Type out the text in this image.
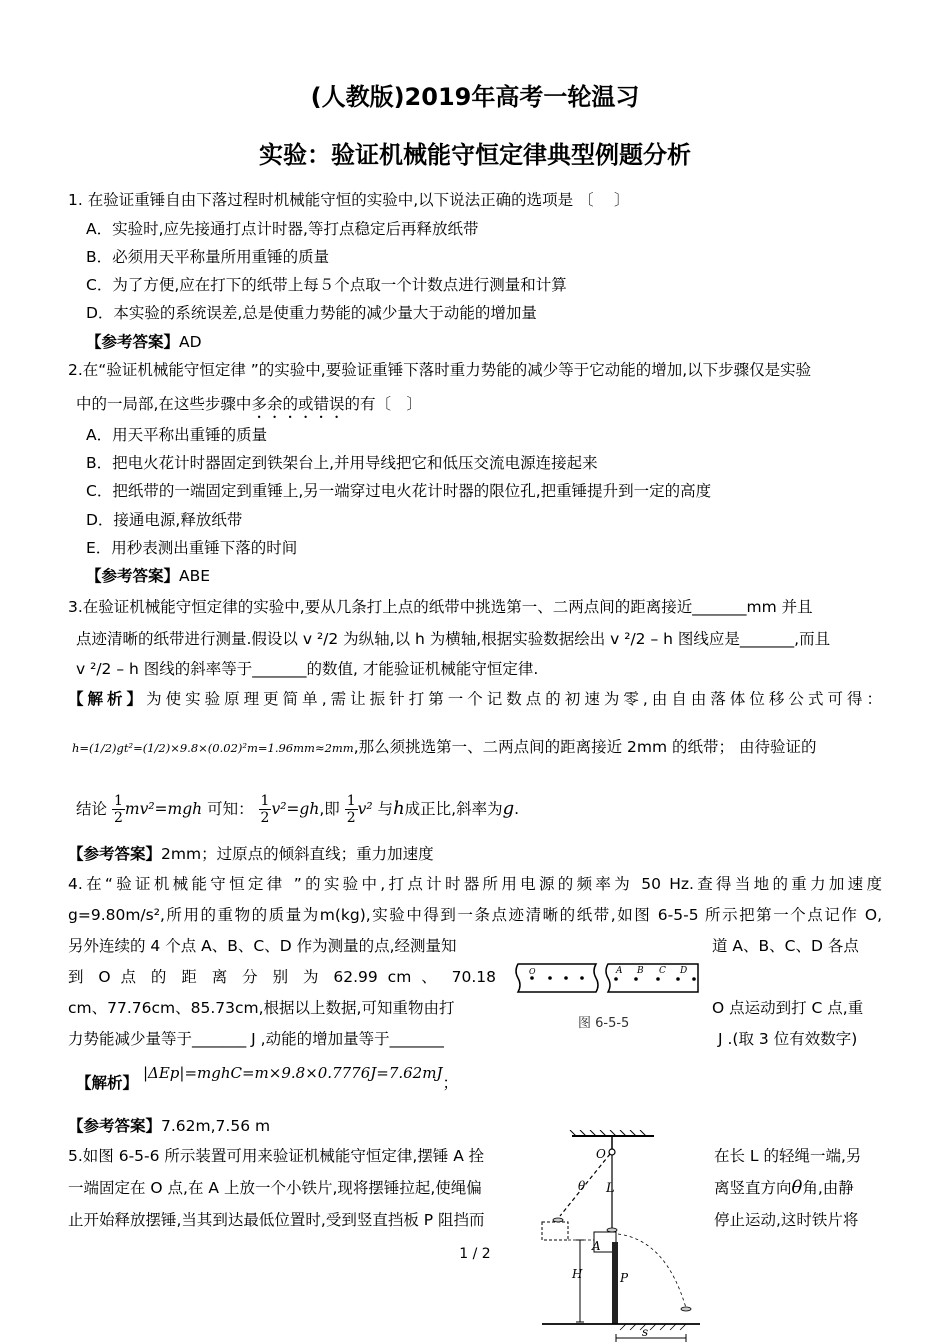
(人教版)2019年高考一轮温习
实验：验证机械能守恒定律典型例题分析
1. 在验证重锤自由下落过程时机械能守恒的实验中,以下说法正确的选项是 〔　 〕
A．实验时,应先接通打点计时器,等打点稳定后再释放纸带
B．必须用天平称量所用重锤的质量
C．为了方便,应在打下的纸带上每５个点取一个计数点进行测量和计算
D．本实验的系统误差,总是使重力势能的减少量大于动能的增加量
【参考答案】AD
2.在“验证机械能守恒定律 ”的实验中,要验证重锤下落时重力势能的减少等于它动能的增加,以下步骤仅是实验
中的一局部,在这些步骤中多余的或错误的有〔　〕
A．用天平称出重锤的质量
B．把电火花计时器固定到铁架台上,并用导线把它和低压交流电源连接起来
C．把纸带的一端固定到重锤上,另一端穿过电火花计时器的限位孔,把重锤提升到一定的高度
D．接通电源,释放纸带
E．用秒表测出重锤下落的时间
【参考答案】ABE
3.在验证机械能守恒定律的实验中,要从几条打上点的纸带中挑选第一、二两点间的距离接近_______mm 并且
点迹清晰的纸带进行测量.假设以 v ²/2 为纵轴,以 h 为横轴,根据实验数据绘出 v ²/2 – h 图线应是_______,而且
v ²/2 – h 图线的斜率等于_______的数值, 才能验证机械能守恒定律.
【解析】为使实验原理更简单,需让振针打第一个记数点的初速为零,由自由落体位移公式可得：
h=(1/2)gt²=(1/2)×9.8×(0.02)²m=1.96mm≈2mm,那么须挑选第一、二两点间的距离接近 2mm 的纸带； 由待验证的
结论 $\frac{1}{2} mv^2=mgh$ 可知： $\frac{1}{2} v^2=gh$,即 $\frac{1}{2} v^2$ 与h成正比,斜率为g.
【参考答案】2mm；过原点的倾斜直线；重力加速度
4.在“验证机械能守恒定律 ”的实验中,打点计时器所用电源的频率为 50 Hz.查得当地的重力加速度
g=9.80m/s²,所用的重物的质量为m(kg),实验中得到一条点迹清晰的纸带,如图 6-5-5 所示把第一个点记作 O,
另外连续的 4 个点 A、B、C、D 作为测量的点,经测量知	道 A、B、C、D 各点
到 O 点 的 距 离 分 别 为 62.99 cm 、 70.18
cm、77.76cm、85.73cm,根据以上数据,可知重物由打	O 点运动到打 C 点,重
力势能减少量等于_______ J ,动能的增加量等于_______	J .(取 3 位有效数字)
O	A B C D
图 6-5-5
【解析】 |ΔEp|=mghC=m×9.8×0.7776J=7.62mJ；
【参考答案】7.62m,7.56 m
5.如图 6-5-6 所示装置可用来验证机械能守恒定律,摆锤 A 拴	在长 L 的轻绳一端,另
一端固定在 O 点,在 A 上放一个小铁片,现将摆锤拉起,使绳偏	离竖直方向θ角,由静
止开始释放摆锤,当其到达最低位置时,受到竖直挡板 P 阻挡而	停止运动,这时铁片将
O
L
θ
A
P
H
s
1 / 2
